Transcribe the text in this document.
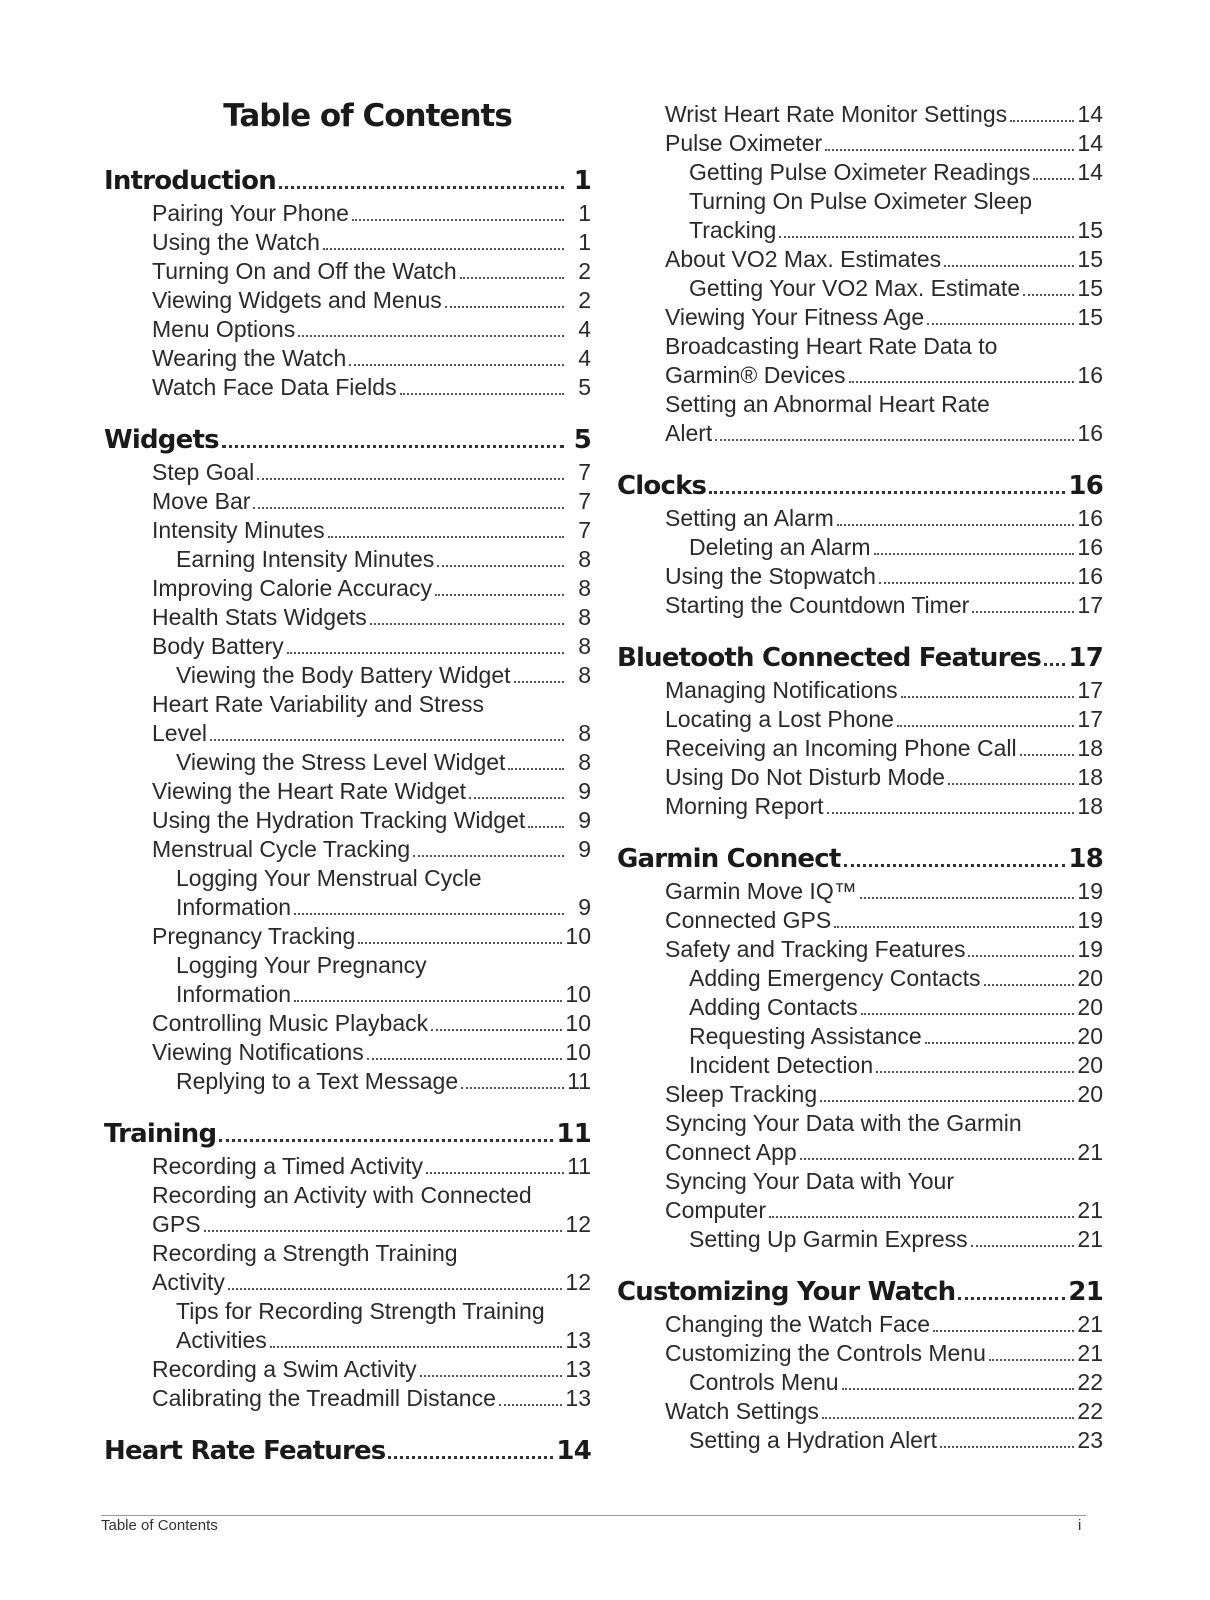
Table of Contents
Introduction	1
Pairing Your Phone	1
Using the Watch	1
Turning On and Off the Watch	2
Viewing Widgets and Menus	2
Menu Options	4
Wearing the Watch	4
Watch Face Data Fields	5
Widgets	5
Step Goal	7
Move Bar	7
Intensity Minutes	7
Earning Intensity Minutes	8
Improving Calorie Accuracy	8
Health Stats Widgets	8
Body Battery	8
Viewing the Body Battery Widget	8
Heart Rate Variability and Stress
Level	8
Viewing the Stress Level Widget	8
Viewing the Heart Rate Widget	9
Using the Hydration Tracking Widget	9
Menstrual Cycle Tracking	9
Logging Your Menstrual Cycle
Information	9
Pregnancy Tracking	10
Logging Your Pregnancy
Information	10
Controlling Music Playback	10
Viewing Notifications	10
Replying to a Text Message	11
Training	11
Recording a Timed Activity	11
Recording an Activity with Connected
GPS	12
Recording a Strength Training
Activity	12
Tips for Recording Strength Training
Activities	13
Recording a Swim Activity	13
Calibrating the Treadmill Distance	13
Heart Rate Features	14
Wrist Heart Rate Monitor Settings	14
Pulse Oximeter	14
Getting Pulse Oximeter Readings 14
Turning On Pulse Oximeter Sleep
Tracking	15
About VO2 Max. Estimates	15
Getting Your VO2 Max. Estimate 15
Viewing Your Fitness Age	15
Broadcasting Heart Rate Data to
Garmin® Devices	16
Setting an Abnormal Heart Rate
Alert	16
Clocks	16
Setting an Alarm	16
Deleting an Alarm	16
Using the Stopwatch	16
Starting the Countdown Timer	17
Bluetooth Connected Features 17
Managing Notifications	17
Locating a Lost Phone	17
Receiving an Incoming Phone Call	18
Using Do Not Disturb Mode	18
Morning Report	18
Garmin Connect	18
Garmin Move IQ™	19
Connected GPS	19
Safety and Tracking Features	19
Adding Emergency Contacts	20
Adding Contacts	20
Requesting Assistance	20
Incident Detection	20
Sleep Tracking	20
Syncing Your Data with the Garmin
Connect App	21
Syncing Your Data with Your
Computer	21
Setting Up Garmin Express	21
Customizing Your Watch	21
Changing the Watch Face	21
Customizing the Controls Menu	21
Controls Menu	22
Watch Settings	22
Setting a Hydration Alert	23
Table of Contents	i
